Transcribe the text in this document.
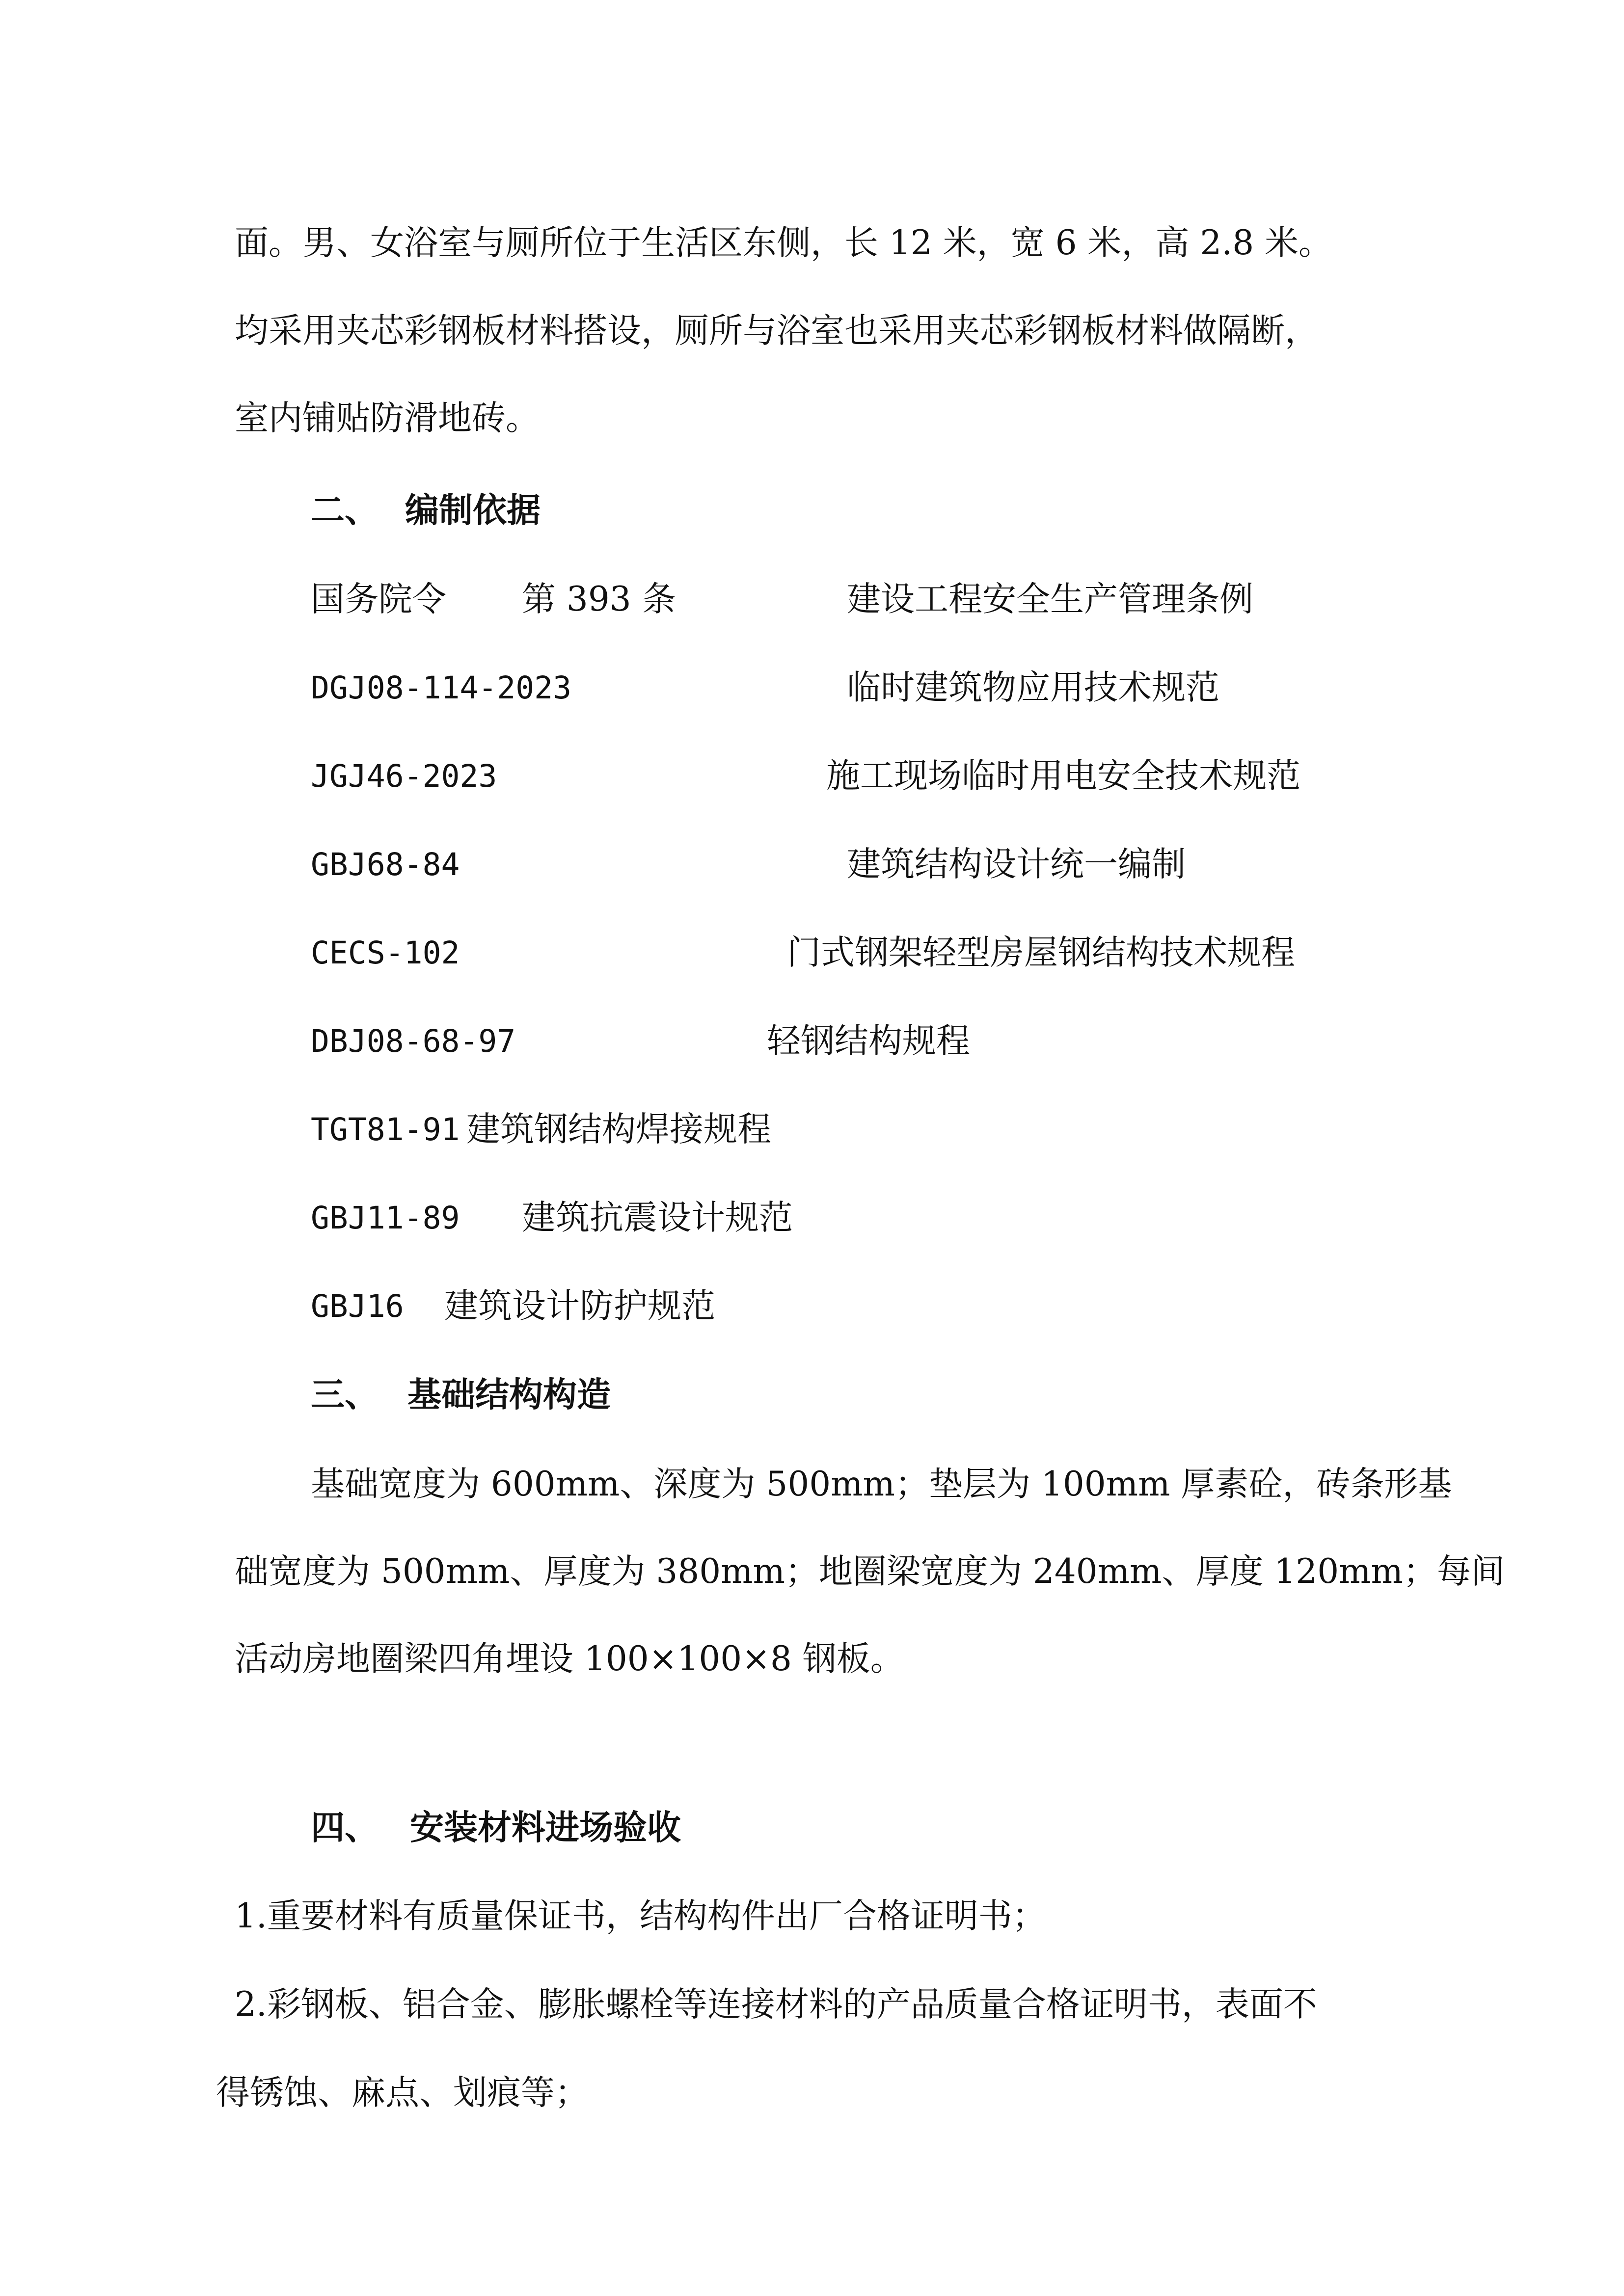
面。男、女浴室与厕所位于生活区东侧，长 12 米，宽 6 米，高 2.8 米。
均采用夹芯彩钢板材料搭设，厕所与浴室也采用夹芯彩钢板材料做隔断，
室内铺贴防滑地砖。
二、 编制依据
国务院令 第 393 条	建设工程安全生产管理条例
DGJ08-114-2023	临时建筑物应用技术规范
JGJ46-2023	施工现场临时用电安全技术规范
GBJ68-84	建筑结构设计统一编制
CECS-102	门式钢架轻型房屋钢结构技术规程
DBJ08-68-97	轻钢结构规程
TGT81-91 建筑钢结构焊接规程
GBJ11-89 建筑抗震设计规范
GBJ16 建筑设计防护规范
三、 基础结构构造
基础宽度为 600mm、深度为 500mm；垫层为 100mm 厚素砼，砖条形基
础宽度为 500mm、厚度为 380mm；地圈梁宽度为 240mm、厚度 120mm；每间
活动房地圈梁四角埋设 100×100×8 钢板。
四、 安装材料进场验收
1.重要材料有质量保证书，结构构件出厂合格证明书；
2.彩钢板、铝合金、膨胀螺栓等连接材料的产品质量合格证明书，表面不
得锈蚀、麻点、划痕等；
